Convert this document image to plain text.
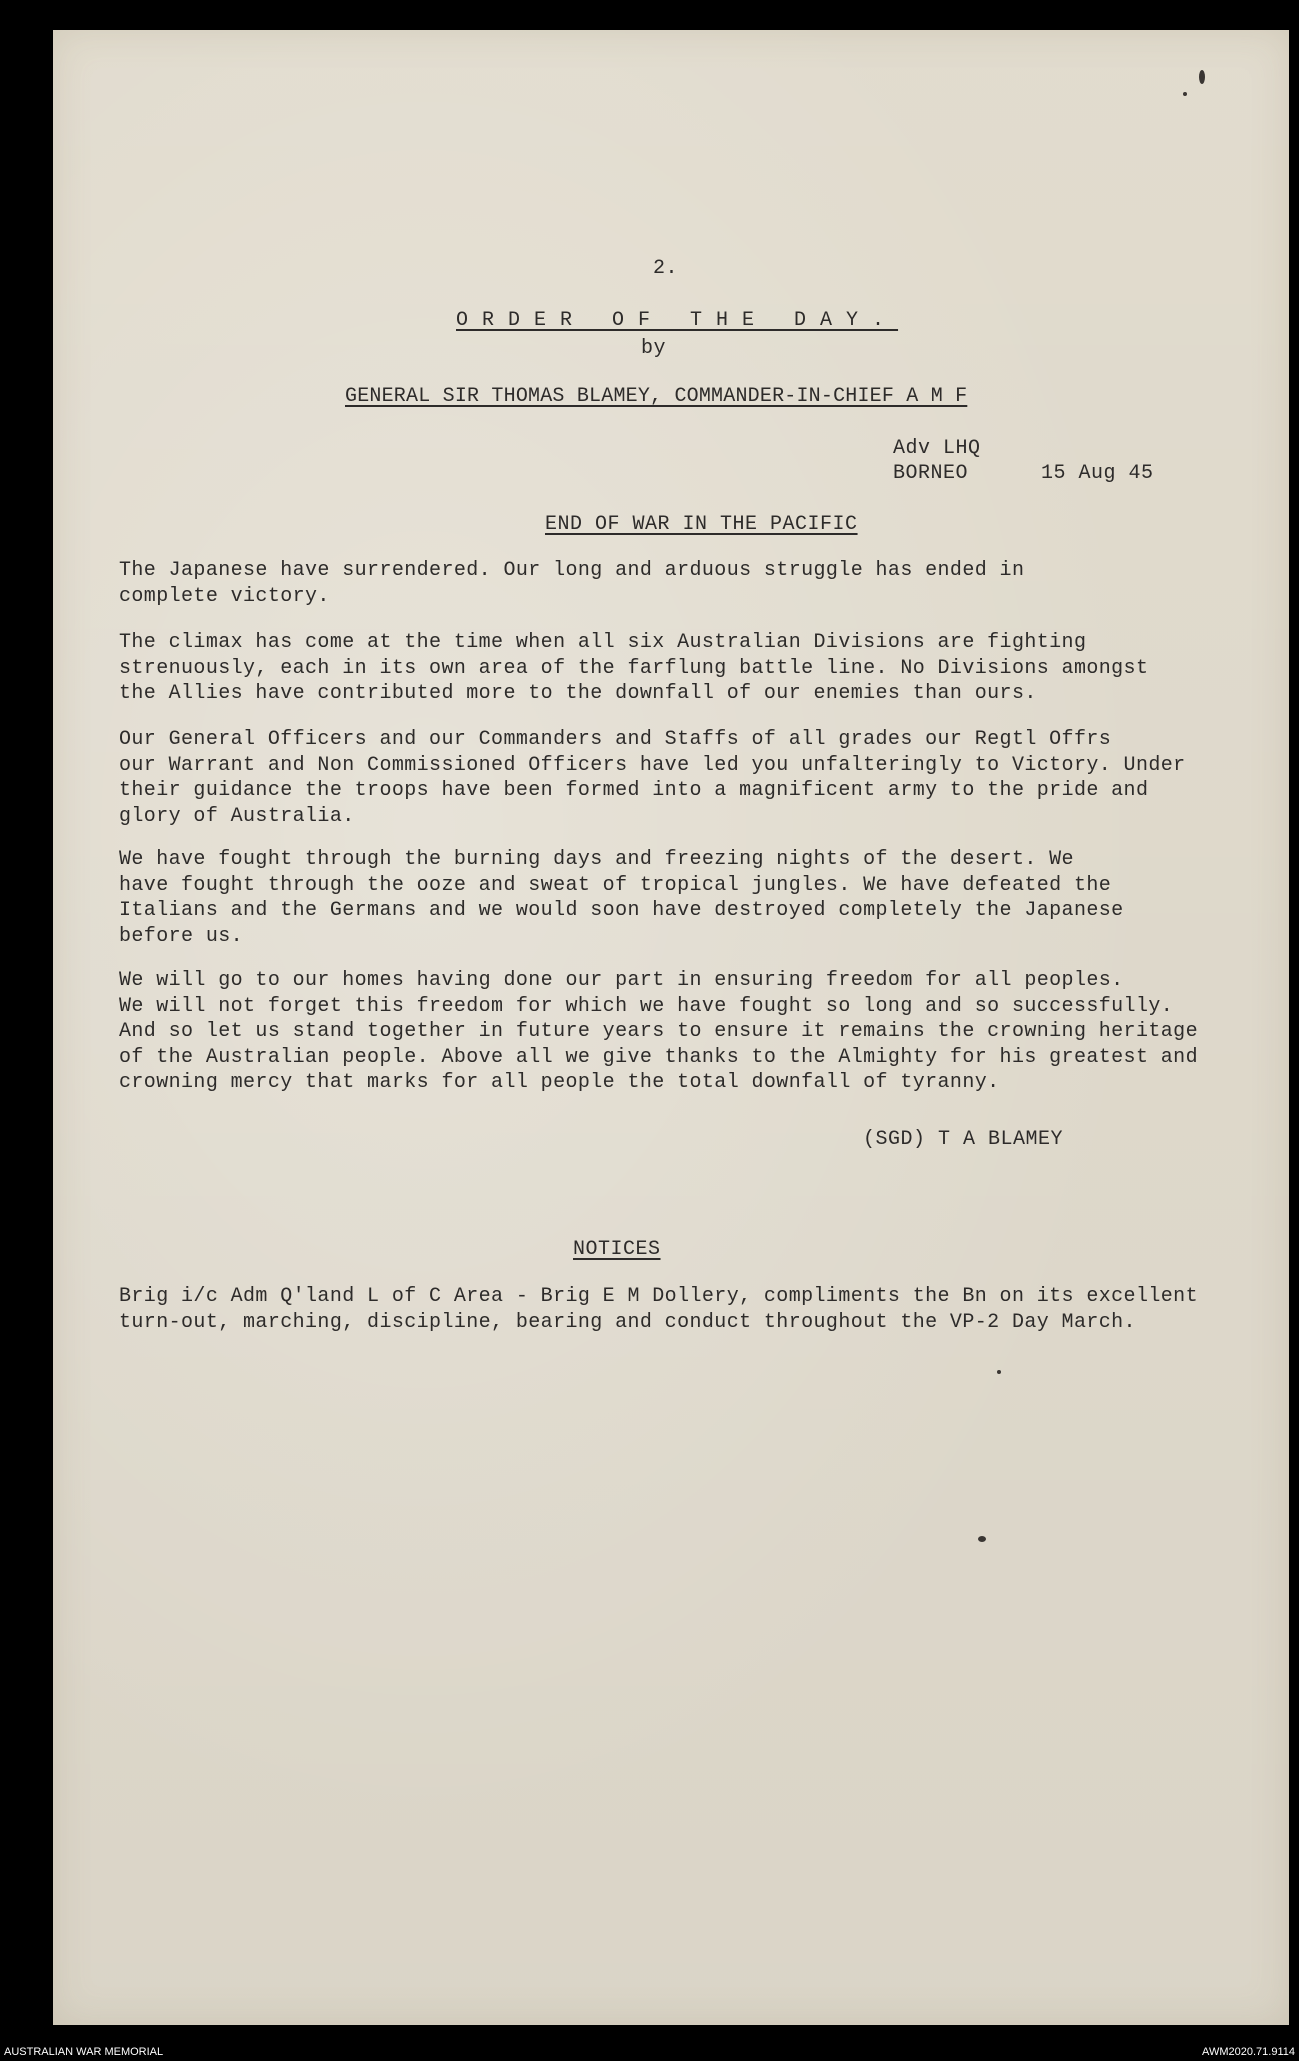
2.
ORDER OF THE DAY.
by
GENERAL SIR THOMAS BLAMEY, COMMANDER-IN-CHIEF A M F
Adv LHQ
BORNEO	15 Aug 45
END OF WAR IN THE PACIFIC
The Japanese have surrendered. Our long and arduous struggle has ended in
complete victory.
The climax has come at the time when all six Australian Divisions are fighting
strenuously, each in its own area of the farflung battle line. No Divisions amongst
the Allies have contributed more to the downfall of our enemies than ours.
Our General Officers and our Commanders and Staffs of all grades our Regtl Offrs
our Warrant and Non Commissioned Officers have led you unfalteringly to Victory. Under
their guidance the troops have been formed into a magnificent army to the pride and
glory of Australia.
We have fought through the burning days and freezing nights of the desert. We
have fought through the ooze and sweat of tropical jungles. We have defeated the
Italians and the Germans and we would soon have destroyed completely the Japanese
before us.
We will go to our homes having done our part in ensuring freedom for all peoples.
We will not forget this freedom for which we have fought so long and so successfully.
And so let us stand together in future years to ensure it remains the crowning heritage
of the Australian people. Above all we give thanks to the Almighty for his greatest and
crowning mercy that marks for all people the total downfall of tyranny.
(SGD) T A BLAMEY
NOTICES
Brig i/c Adm Q'land L of C Area - Brig E M Dollery, compliments the Bn on its excellent
turn-out, marching, discipline, bearing and conduct throughout the VP-2 Day March.
AUSTRALIAN WAR MEMORIAL	AWM2020.71.9114
